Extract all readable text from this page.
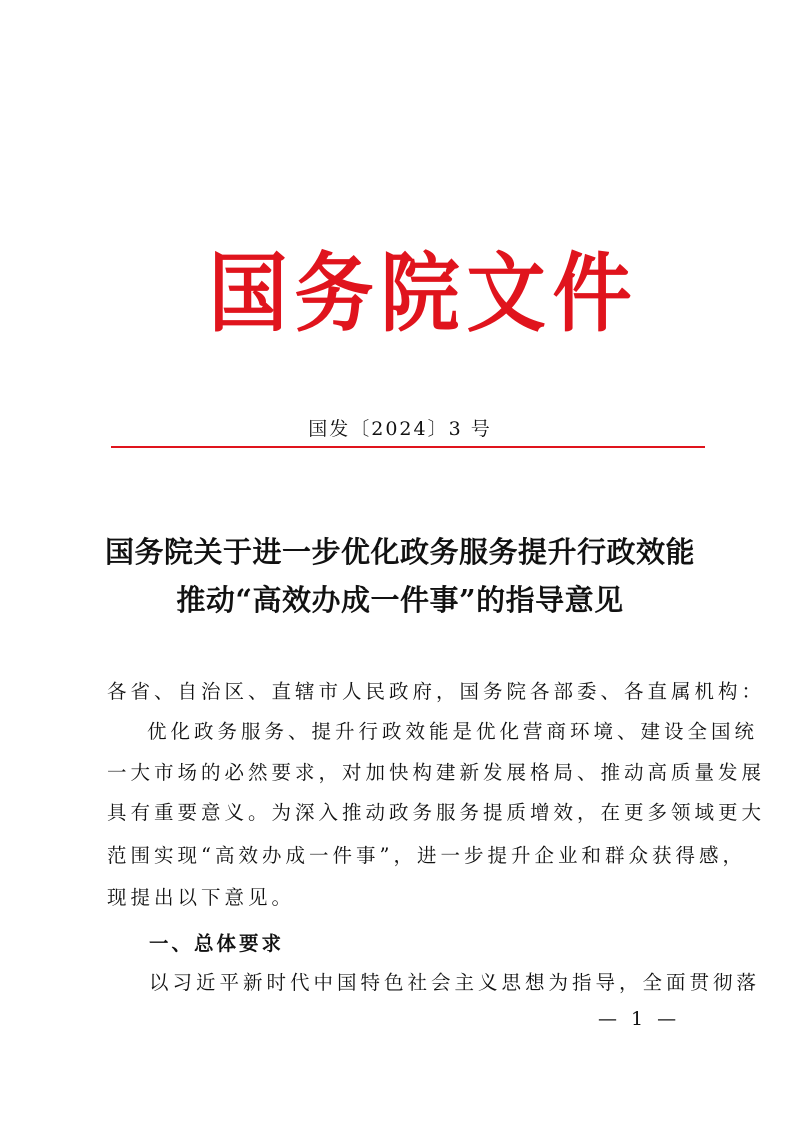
国 务 院 文 件
国发〔2024〕3 号
国务院关于进一步优化政务服务提升行政效能
推动“高效办成一件事”的指导意见
各省、自治区、直辖市人民政府，国务院各部委、各直属机构：
优化政务服务、提升行政效能是优化营商环境、建设全国统
一大市场的必然要求，对加快构建新发展格局、推动高质量发展
具有重要意义。为深入推动政务服务提质增效，在更多领域更大
范围实现“高效办成一件事”，进一步提升企业和群众获得感，
现提出以下意见。
一、总体要求
以习近平新时代中国特色社会主义思想为指导，全面贯彻落
— 1 —
